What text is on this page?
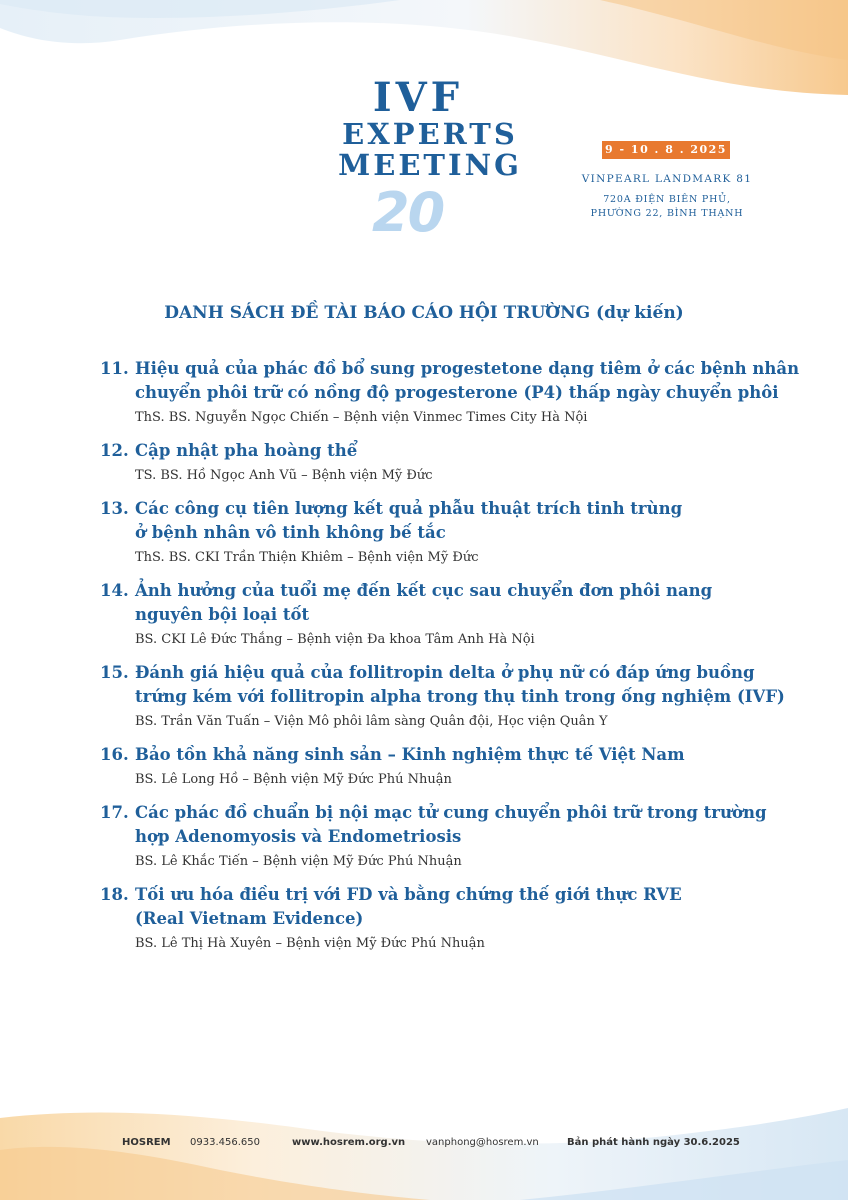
20
IVF
EXPERTS
MEETING	9 - 10 . 8 . 2025
VINPEARL LANDMARK 81
720A ĐIỆN BIÊN PHỦ,
PHƯỜNG 22, BÌNH THẠNH
DANH SÁCH ĐỀ TÀI BÁO CÁO HỘI TRƯỜNG (dự kiến)
11. Hiệu quả của phác đồ bổ sung progestetone dạng tiêm ở các bệnh nhân
chuyển phôi trữ có nồng độ progesterone (P4) thấp ngày chuyển phôi
ThS. BS. Nguyễn Ngọc Chiến – Bệnh viện Vinmec Times City Hà Nội
12. Cập nhật pha hoàng thể
TS. BS. Hồ Ngọc Anh Vũ – Bệnh viện Mỹ Đức
13. Các công cụ tiên lượng kết quả phẫu thuật trích tinh trùng
ở bệnh nhân vô tinh không bế tắc
ThS. BS. CKI Trần Thiện Khiêm – Bệnh viện Mỹ Đức
14. Ảnh hưởng của tuổi mẹ đến kết cục sau chuyển đơn phôi nang
nguyên bội loại tốt
BS. CKI Lê Đức Thắng – Bệnh viện Đa khoa Tâm Anh Hà Nội
15. Đánh giá hiệu quả của follitropin delta ở phụ nữ có đáp ứng buồng
trứng kém với follitropin alpha trong thụ tinh trong ống nghiệm (IVF)
BS. Trần Văn Tuấn – Viện Mô phôi lâm sàng Quân đội, Học viện Quân Y
16. Bảo tồn khả năng sinh sản – Kinh nghiệm thực tế Việt Nam
BS. Lê Long Hồ – Bệnh viện Mỹ Đức Phú Nhuận
17. Các phác đồ chuẩn bị nội mạc tử cung chuyển phôi trữ trong trường
hợp Adenomyosis và Endometriosis
BS. Lê Khắc Tiến – Bệnh viện Mỹ Đức Phú Nhuận
18. Tối ưu hóa điều trị với FD và bằng chứng thế giới thực RVE
(Real Vietnam Evidence)
BS. Lê Thị Hà Xuyên – Bệnh viện Mỹ Đức Phú Nhuận
HOSREM 0933.456.650	www.hosrem.org.vn vanphong@hosrem.vn	Bản phát hành ngày 30.6.2025
